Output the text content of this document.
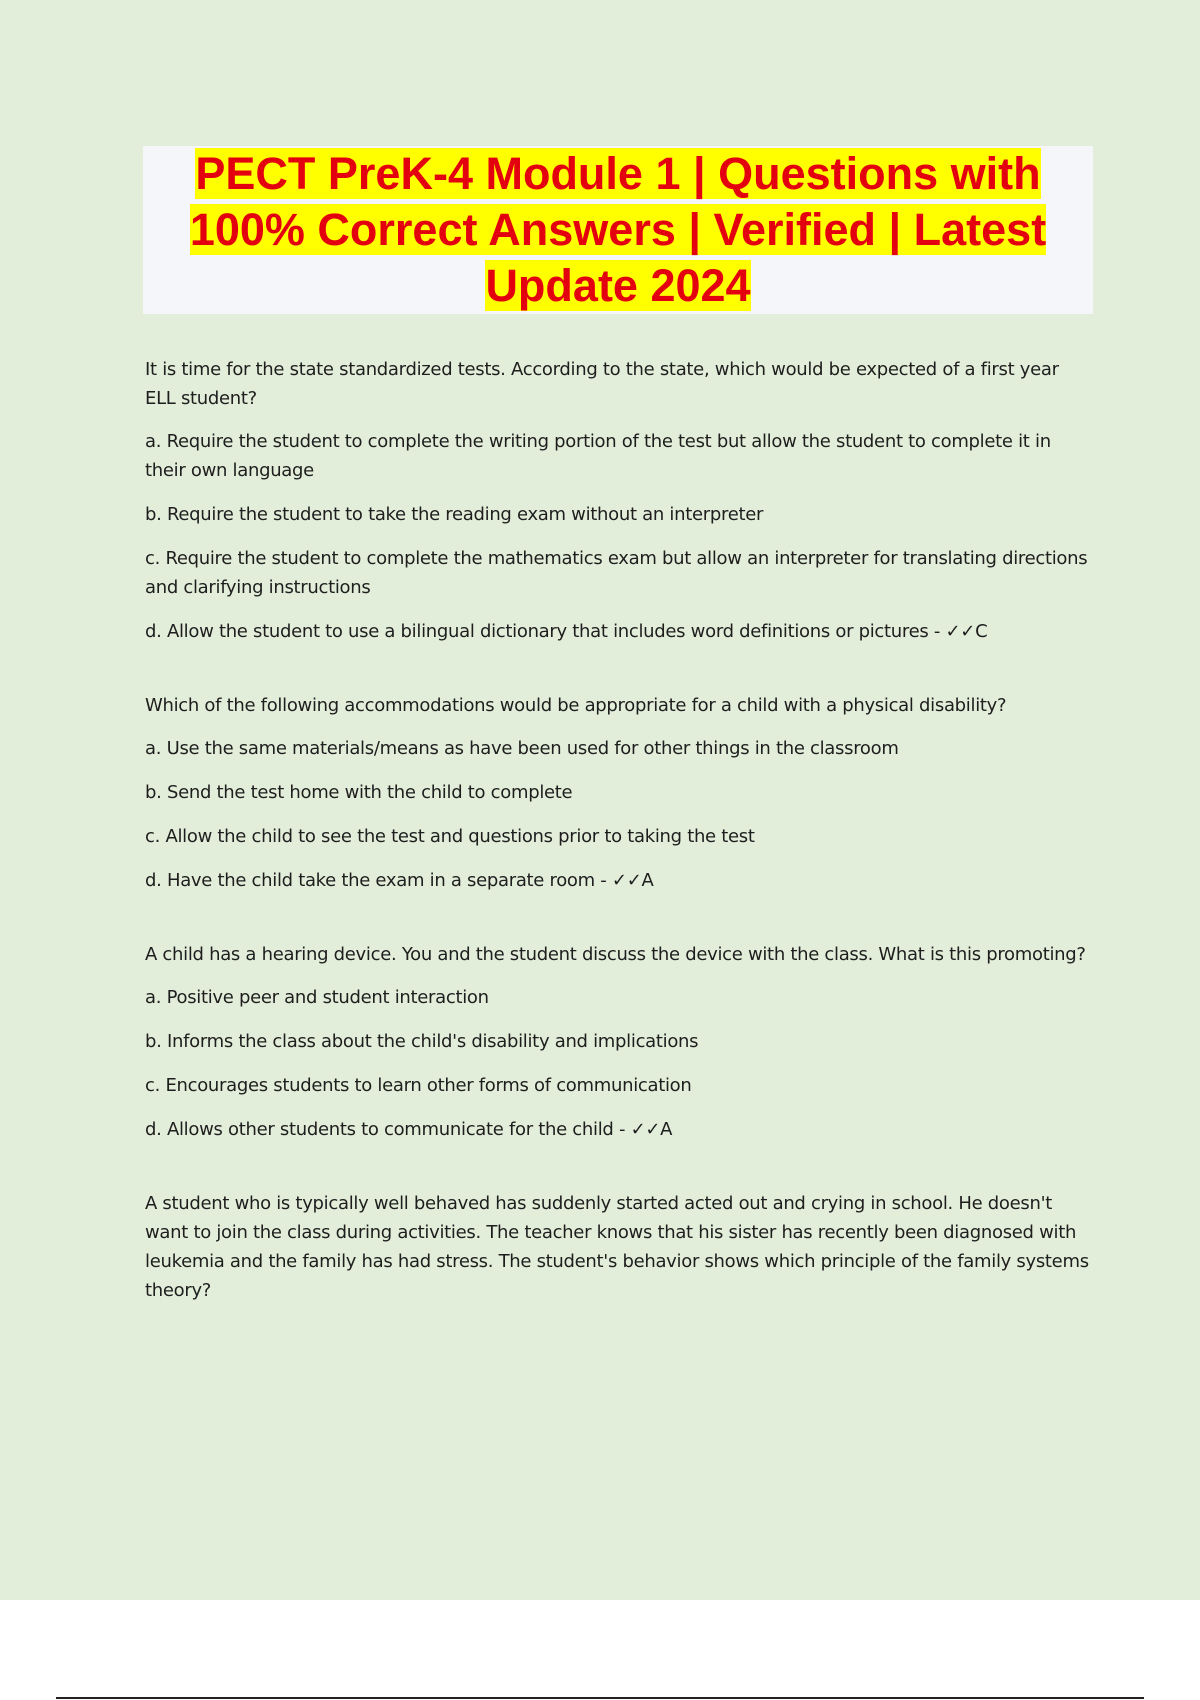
PECT PreK-4 Module 1 | Questions with 100% Correct Answers | Verified | Latest Update 2024

It is time for the state standardized tests. According to the state, which would be expected of a first year ELL student?

a. Require the student to complete the writing portion of the test but allow the student to complete it in their own language

b. Require the student to take the reading exam without an interpreter

c. Require the student to complete the mathematics exam but allow an interpreter for translating directions and clarifying instructions

d. Allow the student to use a bilingual dictionary that includes word definitions or pictures - ✓✓C

Which of the following accommodations would be appropriate for a child with a physical disability?

a. Use the same materials/means as have been used for other things in the classroom

b. Send the test home with the child to complete

c. Allow the child to see the test and questions prior to taking the test

d. Have the child take the exam in a separate room - ✓✓A

A child has a hearing device. You and the student discuss the device with the class. What is this promoting?

a. Positive peer and student interaction

b. Informs the class about the child's disability and implications

c. Encourages students to learn other forms of communication

d. Allows other students to communicate for the child - ✓✓A

A student who is typically well behaved has suddenly started acted out and crying in school. He doesn't want to join the class during activities. The teacher knows that his sister has recently been diagnosed with leukemia and the family has had stress. The student's behavior shows which principle of the family systems theory?
